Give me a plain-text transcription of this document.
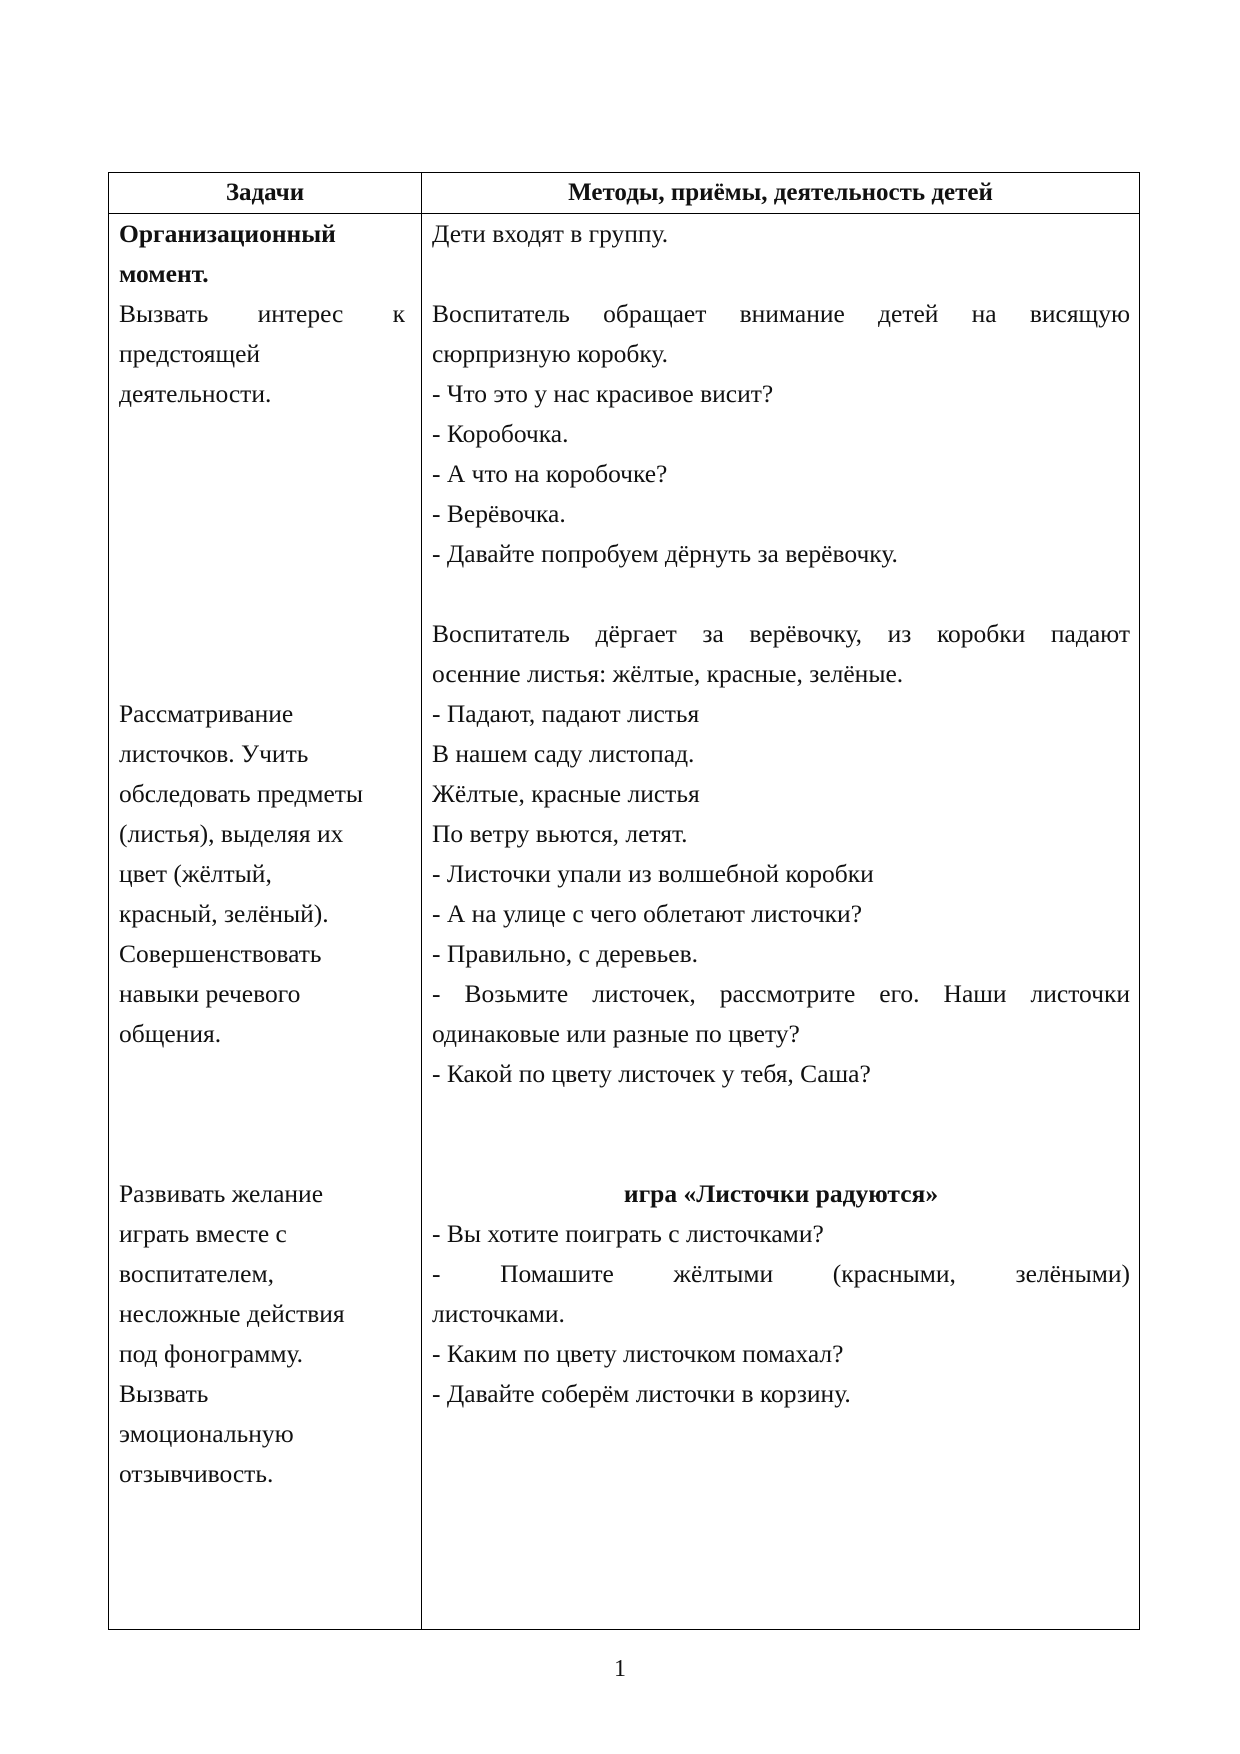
Задачи	Методы, приёмы, деятельность детей
Организационный
момент.
Вызвать интерес к
предстоящей
деятельности.
Рассматривание
листочков. Учить
обследовать предметы
(листья), выделяя их
цвет (жёлтый,
красный, зелёный).
Совершенствовать
навыки речевого
общения.
Развивать желание
играть вместе с
воспитателем,
несложные действия
под фонограмму.
Вызвать
эмоциональную
отзывчивость.
Дети входят в группу.
Воспитатель обращает внимание детей на висящую
сюрпризную коробку.
- Что это у нас красивое висит?
- Коробочка.
- А что на коробочке?
- Верёвочка.
- Давайте попробуем дёрнуть за верёвочку.
Воспитатель дёргает за верёвочку, из коробки падают
осенние листья: жёлтые, красные, зелёные.
- Падают, падают листья
В нашем саду листопад.
Жёлтые, красные листья
По ветру вьются, летят.
- Листочки упали из волшебной коробки
- А на улице с чего облетают листочки?
- Правильно, с деревьев.
- Возьмите листочек, рассмотрите его. Наши листочки
одинаковые или разные по цвету?
- Какой по цвету листочек у тебя, Саша?
игра «Листочки радуются»
- Вы хотите поиграть с листочками?
- Помашите жёлтыми (красными, зелёными)
листочками.
- Каким по цвету листочком помахал?
- Давайте соберём листочки в корзину.
1
